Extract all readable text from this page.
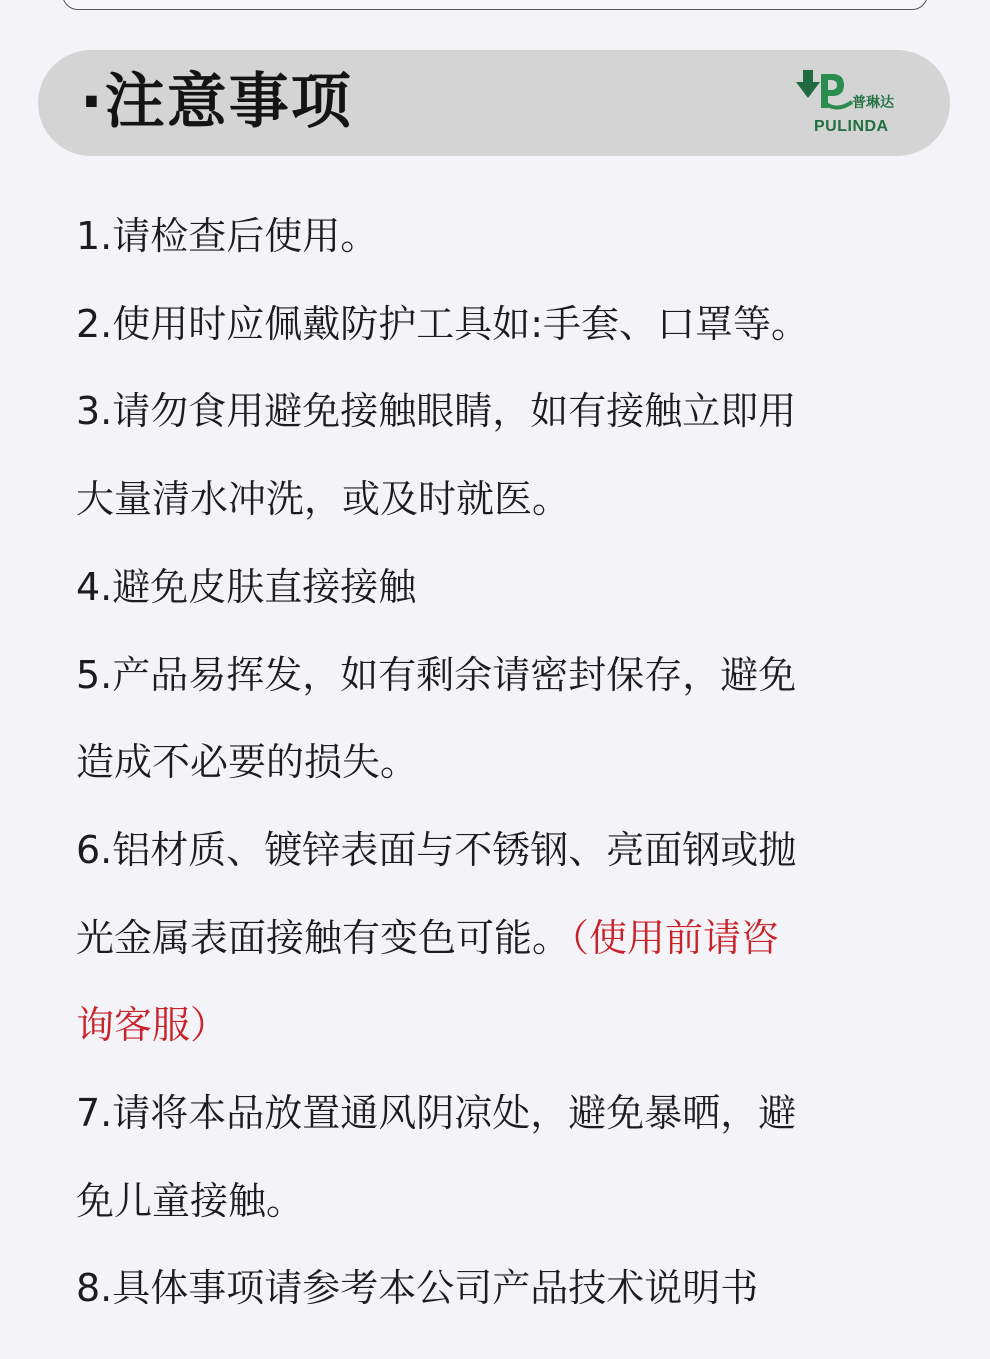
·注意事项	普琳达
PULINDA
1.请检查后使用。
2.使用时应佩戴防护工具如:手套、口罩等。
3.请勿食用避免接触眼睛，如有接触立即用
大量清水冲洗，或及时就医。
4.避免皮肤直接接触
5.产品易挥发，如有剩余请密封保存，避免
造成不必要的损失。
6.铝材质、镀锌表面与不锈钢、亮面钢或抛
光金属表面接触有变色可能。（使用前请咨
询客服）
7.请将本品放置通风阴凉处，避免暴晒，避
免儿童接触。
8.具体事项请参考本公司产品技术说明书
